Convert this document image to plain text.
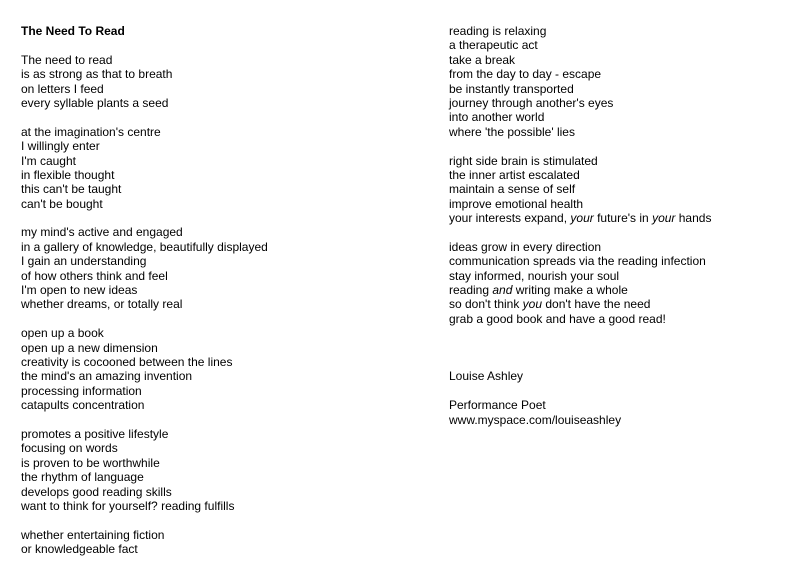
The Need To Read
The need to read
is as strong as that to breath
on letters I feed
every syllable plants a seed
at the imagination's centre
I willingly enter
I'm caught
in flexible thought
this can't be taught
can't be bought
my mind's active and engaged
in a gallery of knowledge, beautifully displayed
I gain an understanding
of how others think and feel
I'm open to new ideas
whether dreams, or totally real
open up a book
open up a new dimension
creativity is cocooned between the lines
the mind's an amazing invention
processing information
catapults concentration
promotes a positive lifestyle
focusing on words
is proven to be worthwhile
the rhythm of language
develops good reading skills
want to think for yourself? reading fulfills
whether entertaining fiction
or knowledgeable fact
reading is relaxing
a therapeutic act
take a break
from the day to day - escape
be instantly transported
journey through another's eyes
into another world
where 'the possible' lies
right side brain is stimulated
the inner artist escalated
maintain a sense of self
improve emotional health
your interests expand, your future's in your hands
ideas grow in every direction
communication spreads via the reading infection
stay informed, nourish your soul
reading and writing make a whole
so don't think you don't have the need
grab a good book and have a good read!
Louise Ashley
Performance Poet
www.myspace.com/louiseashley
